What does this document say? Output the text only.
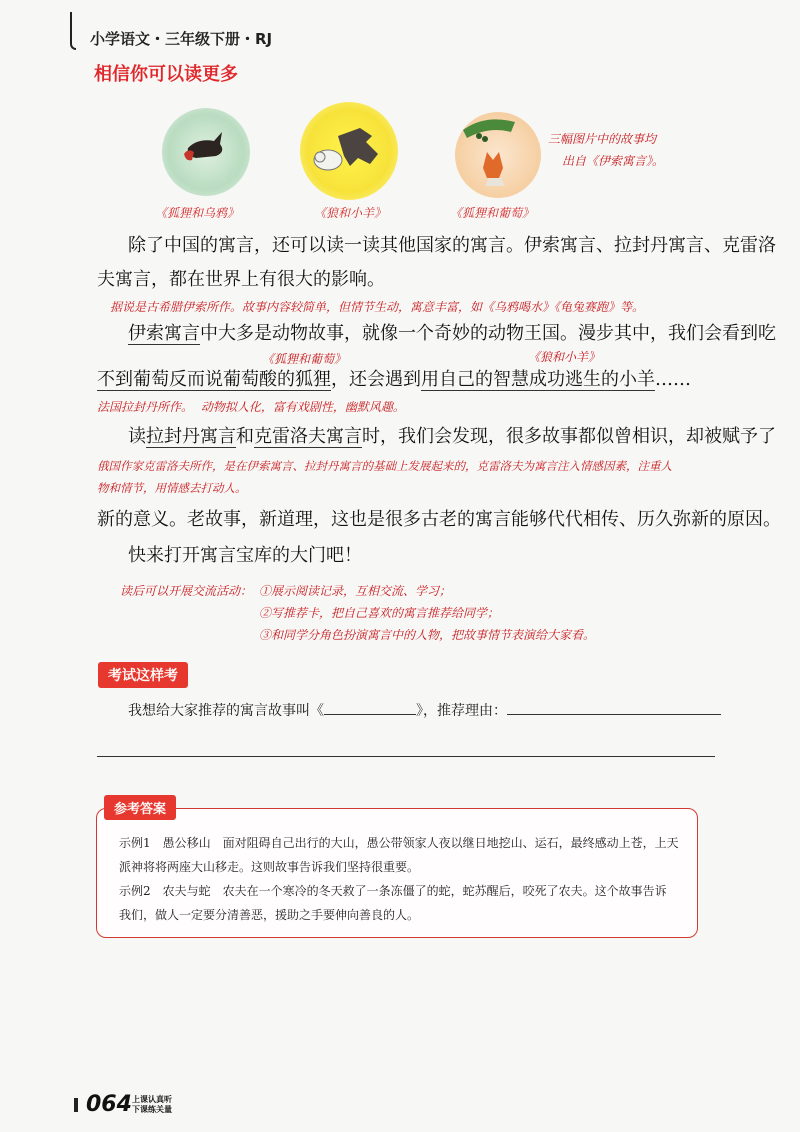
小学语文・三年级下册・RJ
相信你可以读更多
《狐狸和乌鸦》	《狼和小羊》	《狐狸和葡萄》
三幅图片中的故事均
出自《伊索寓言》。
除了中国的寓言，还可以读一读其他国家的寓言。伊索寓言、拉封丹寓言、克雷洛
夫寓言，都在世界上有很大的影响。
据说是古希腊伊索所作。故事内容较简单，但情节生动，寓意丰富，如《乌鸦喝水》《龟兔赛跑》等。
伊索寓言中大多是动物故事，就像一个奇妙的动物王国。漫步其中，我们会看到吃
《狐狸和葡萄》	《狼和小羊》
不到葡萄反而说葡萄酸的狐狸，还会遇到用自己的智慧成功逃生的小羊……
法国拉封丹所作。 动物拟人化，富有戏剧性，幽默风趣。
读拉封丹寓言和克雷洛夫寓言时，我们会发现，很多故事都似曾相识，却被赋予了
俄国作家克雷洛夫所作，是在伊索寓言、拉封丹寓言的基础上发展起来的，克雷洛夫为寓言注入情感因素，注重人
物和情节，用情感去打动人。
新的意义。老故事，新道理，这也是很多古老的寓言能够代代相传、历久弥新的原因。
快来打开寓言宝库的大门吧！
读后可以开展交流活动： ①展示阅读记录，互相交流、学习；
②写推荐卡，把自己喜欢的寓言推荐给同学；
③和同学分角色扮演寓言中的人物，把故事情节表演给大家看。
考试这样考
我想给大家推荐的寓言故事叫《	》，推荐理由：
示例1　愚公移山　面对阻碍自己出行的大山，愚公带领家人夜以继日地挖山、运石，最终感动上苍，上天
派神将将两座大山移走。这则故事告诉我们坚持很重要。
示例2　农夫与蛇　农夫在一个寒冷的冬天救了一条冻僵了的蛇，蛇苏醒后，咬死了农夫。这个故事告诉
我们，做人一定要分清善恶，援助之手要伸向善良的人。
参考答案
064 上课认真听
下课练关量
